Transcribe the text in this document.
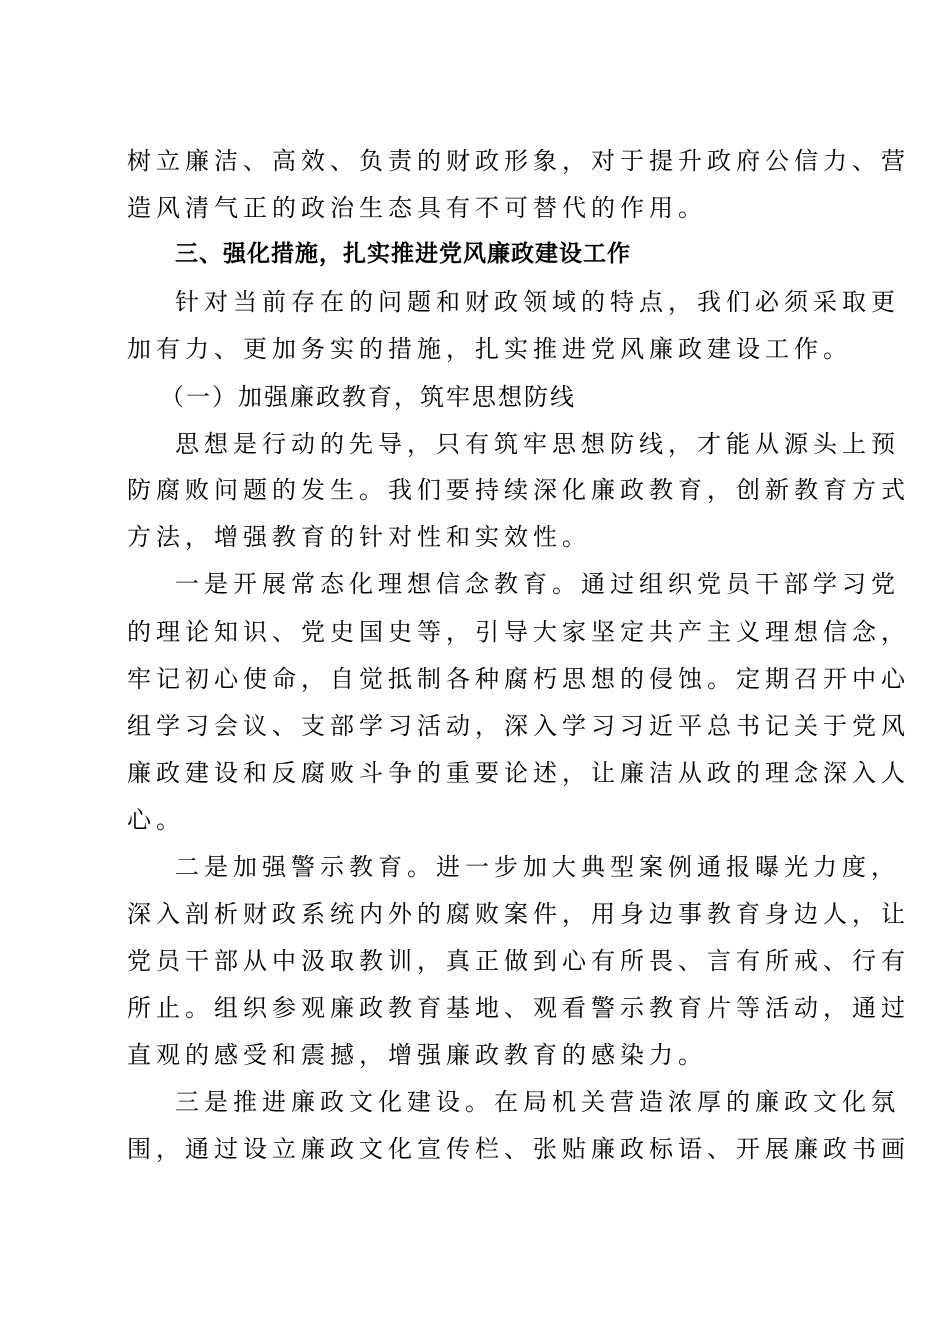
树立廉洁、高效、负责的财政形象，对于提升政府公信力、营
造风清气正的政治生态具有不可替代的作用。
三、强化措施，扎实推进党风廉政建设工作
针对当前存在的问题和财政领域的特点，我们必须采取更
加有力、更加务实的措施，扎实推进党风廉政建设工作。
（一）加强廉政教育，筑牢思想防线
思想是行动的先导，只有筑牢思想防线，才能从源头上预
防腐败问题的发生。我们要持续深化廉政教育，创新教育方式
方法，增强教育的针对性和实效性。
一是开展常态化理想信念教育。通过组织党员干部学习党
的理论知识、党史国史等，引导大家坚定共产主义理想信念，
牢记初心使命，自觉抵制各种腐朽思想的侵蚀。定期召开中心
组学习会议、支部学习活动，深入学习习近平总书记关于党风
廉政建设和反腐败斗争的重要论述，让廉洁从政的理念深入人
心。
二是加强警示教育。进一步加大典型案例通报曝光力度，
深入剖析财政系统内外的腐败案件，用身边事教育身边人，让
党员干部从中汲取教训，真正做到心有所畏、言有所戒、行有
所止。组织参观廉政教育基地、观看警示教育片等活动，通过
直观的感受和震撼，增强廉政教育的感染力。
三是推进廉政文化建设。在局机关营造浓厚的廉政文化氛
围，通过设立廉政文化宣传栏、张贴廉政标语、开展廉政书画
